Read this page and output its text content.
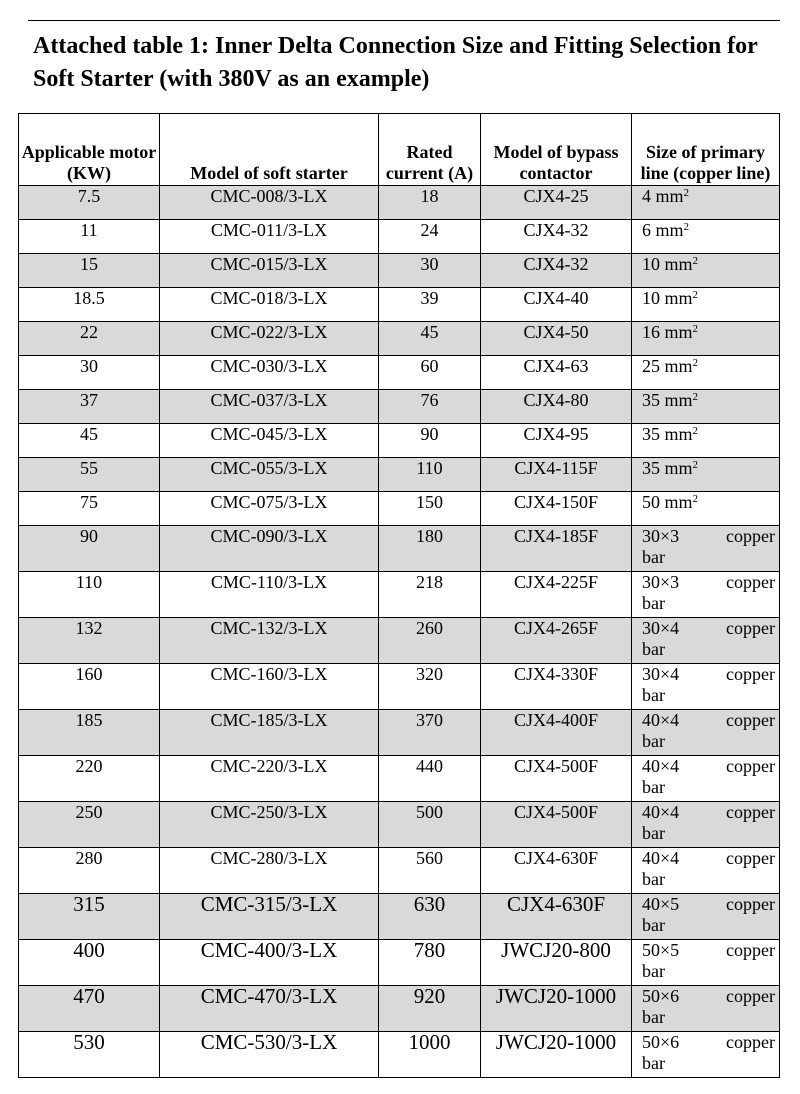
Attached table 1: Inner Delta Connection Size and Fitting Selection for Soft Starter (with 380V as an example)
Applicable motor (KW)	Model of soft starter	Rated current (A)	Model of bypass contactor	Size of primary line (copper line)
7.5	CMC-008/3-LX	18	CJX4-25	4 $mm^2$
11	CMC-011/3-LX	24	CJX4-32	6 $mm^2$
15	CMC-015/3-LX	30	CJX4-32	10 $mm^2$
18.5	CMC-018/3-LX	39	CJX4-40	10 $mm^2$
22	CMC-022/3-LX	45	CJX4-50	16 $mm^2$
30	CMC-030/3-LX	60	CJX4-63	25 $mm^2$
37	CMC-037/3-LX	76	CJX4-80	35 $mm^2$
45	CMC-045/3-LX	90	CJX4-95	35 $mm^2$
55	CMC-055/3-LX	110	CJX4-115F	35 $mm^2$
75	CMC-075/3-LX	150	CJX4-150F	50 $mm^2$
90	CMC-090/3-LX	180	CJX4-185F	30×3 copper
bar

110	CMC-110/3-LX	218	CJX4-225F	30×3 copper
bar

132	CMC-132/3-LX	260	CJX4-265F	30×4 copper
bar

160	CMC-160/3-LX	320	CJX4-330F	30×4 copper
bar

185	CMC-185/3-LX	370	CJX4-400F	40×4 copper
bar

220	CMC-220/3-LX	440	CJX4-500F	40×4 copper
bar

250	CMC-250/3-LX	500	CJX4-500F	40×4 copper
bar

280	CMC-280/3-LX	560	CJX4-630F	40×4 copper
bar

315	CMC-315/3-LX	630	CJX4-630F	40×5 copper
bar

400	CMC-400/3-LX	780	JWCJ20-800	50×5 copper
bar

470	CMC-470/3-LX	920	JWCJ20-1000	50×6 copper
bar

530	CMC-530/3-LX	1000	JWCJ20-1000	50×6 copper
bar
